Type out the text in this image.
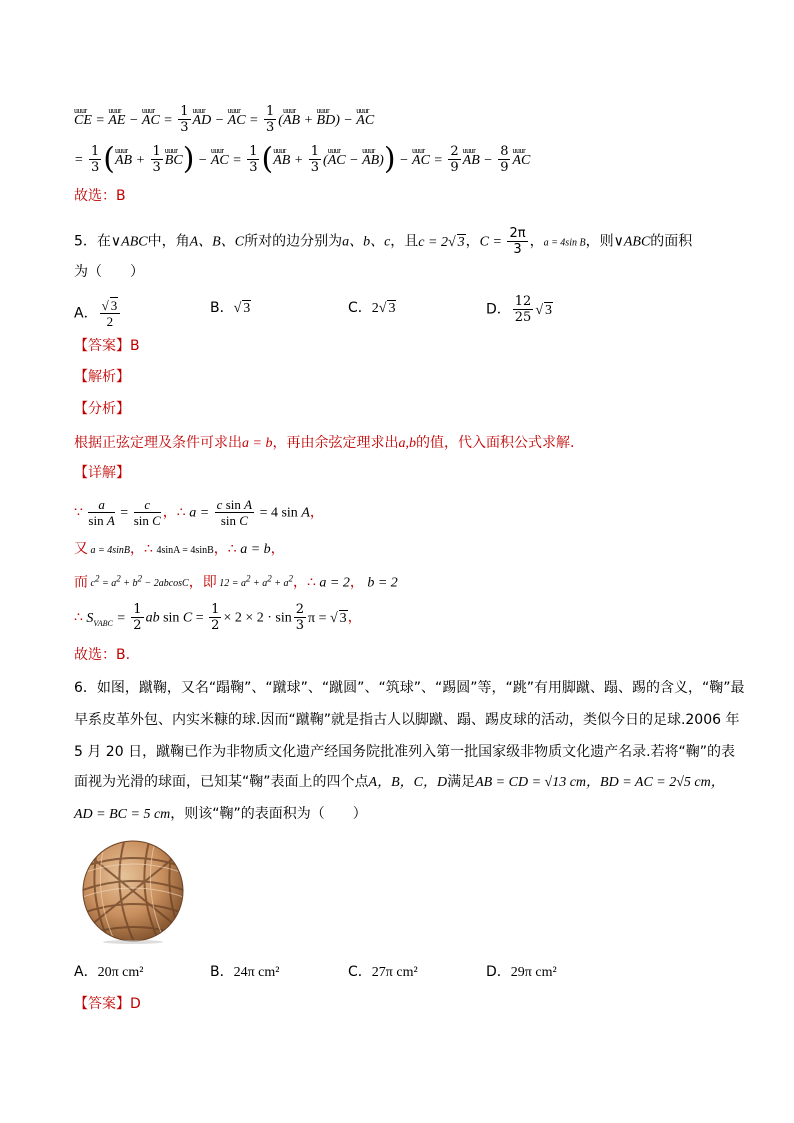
uuur CE = uuur AE − uuur AC = $\frac{1}{3}$ uuur AD − uuur AC = $\frac{1}{3}$ (uuur AB + uuur BD) − uuur AC
= $\frac{1}{3}$ (uuur AB + $\frac{1}{3}$ uuur BC) − uuur AC = $\frac{1}{3}$ (uuur AB + $\frac{1}{3}$ (uuur AC − uuur AB)) − uuur AC = $\frac{2}{9}$ uuur AB − $\frac{8}{9}$ uuur AC
故选：B
5．在∨ABC中，角A、B、C所对的边分别为a、b、c，且c = 2√ 3，$C = \frac{2\pi}{3}$ ，a = 4sin B，则∨ABC的面积
为（　　）
A． $\frac{√ 3}{2}$	B．√ 3	C．2√ 3	D． $\frac{12}{25}$ √ 3
【答案】B
【解析】
【分析】
根据正弦定理及条件可求出a = b，再由余弦定理求出a,b的值，代入面积公式求解.
【详解】
∵ $\frac{a}{\text{sin A}} = \frac{c}{\text{sin C}}$ ，∴ $a = \frac{\text{c sin A}}{\text{sin C}} = 4$ sin A，
又 a = 4sinB，∴ 4sinA = 4sinB，∴ a = b，
而 c2 = a2 + b2 − 2abcosC，即 12 = a2 + a2 + a2，∴ a = 2， b = 2
∴ $S_{VABC} = \frac{1}{2}$ ab $\sin C = \frac{1}{2} \times 2 \times 2 \cdot \sin \frac{2}{3}$ π = √ 3，
故选：B.
6．如图，蹴鞠，又名“蹋鞠”、“蹴球”、“蹴圆”、“筑球”、“踢圆”等，“跳”有用脚蹴、蹋、踢的含义，“鞠”最
早系皮革外包、内实米糠的球.因而“蹴鞠”就是指古人以脚蹴、蹋、踢皮球的活动，类似今日的足球.2006 年
5 月 20 日，蹴鞠已作为非物质文化遗产经国务院批准列入第一批国家级非物质文化遗产名录.若将“鞠”的表
面视为光滑的球面，已知某“鞠”表面上的四个点A，B，C，D满足AB = CD = √13 cm，BD = AC = 2√5 cm，
AD = BC = 5 cm，则该“鞠”的表面积为（　　）
A．20π cm²	B．24π cm²	C．27π cm²	D．29π cm²
【答案】D
